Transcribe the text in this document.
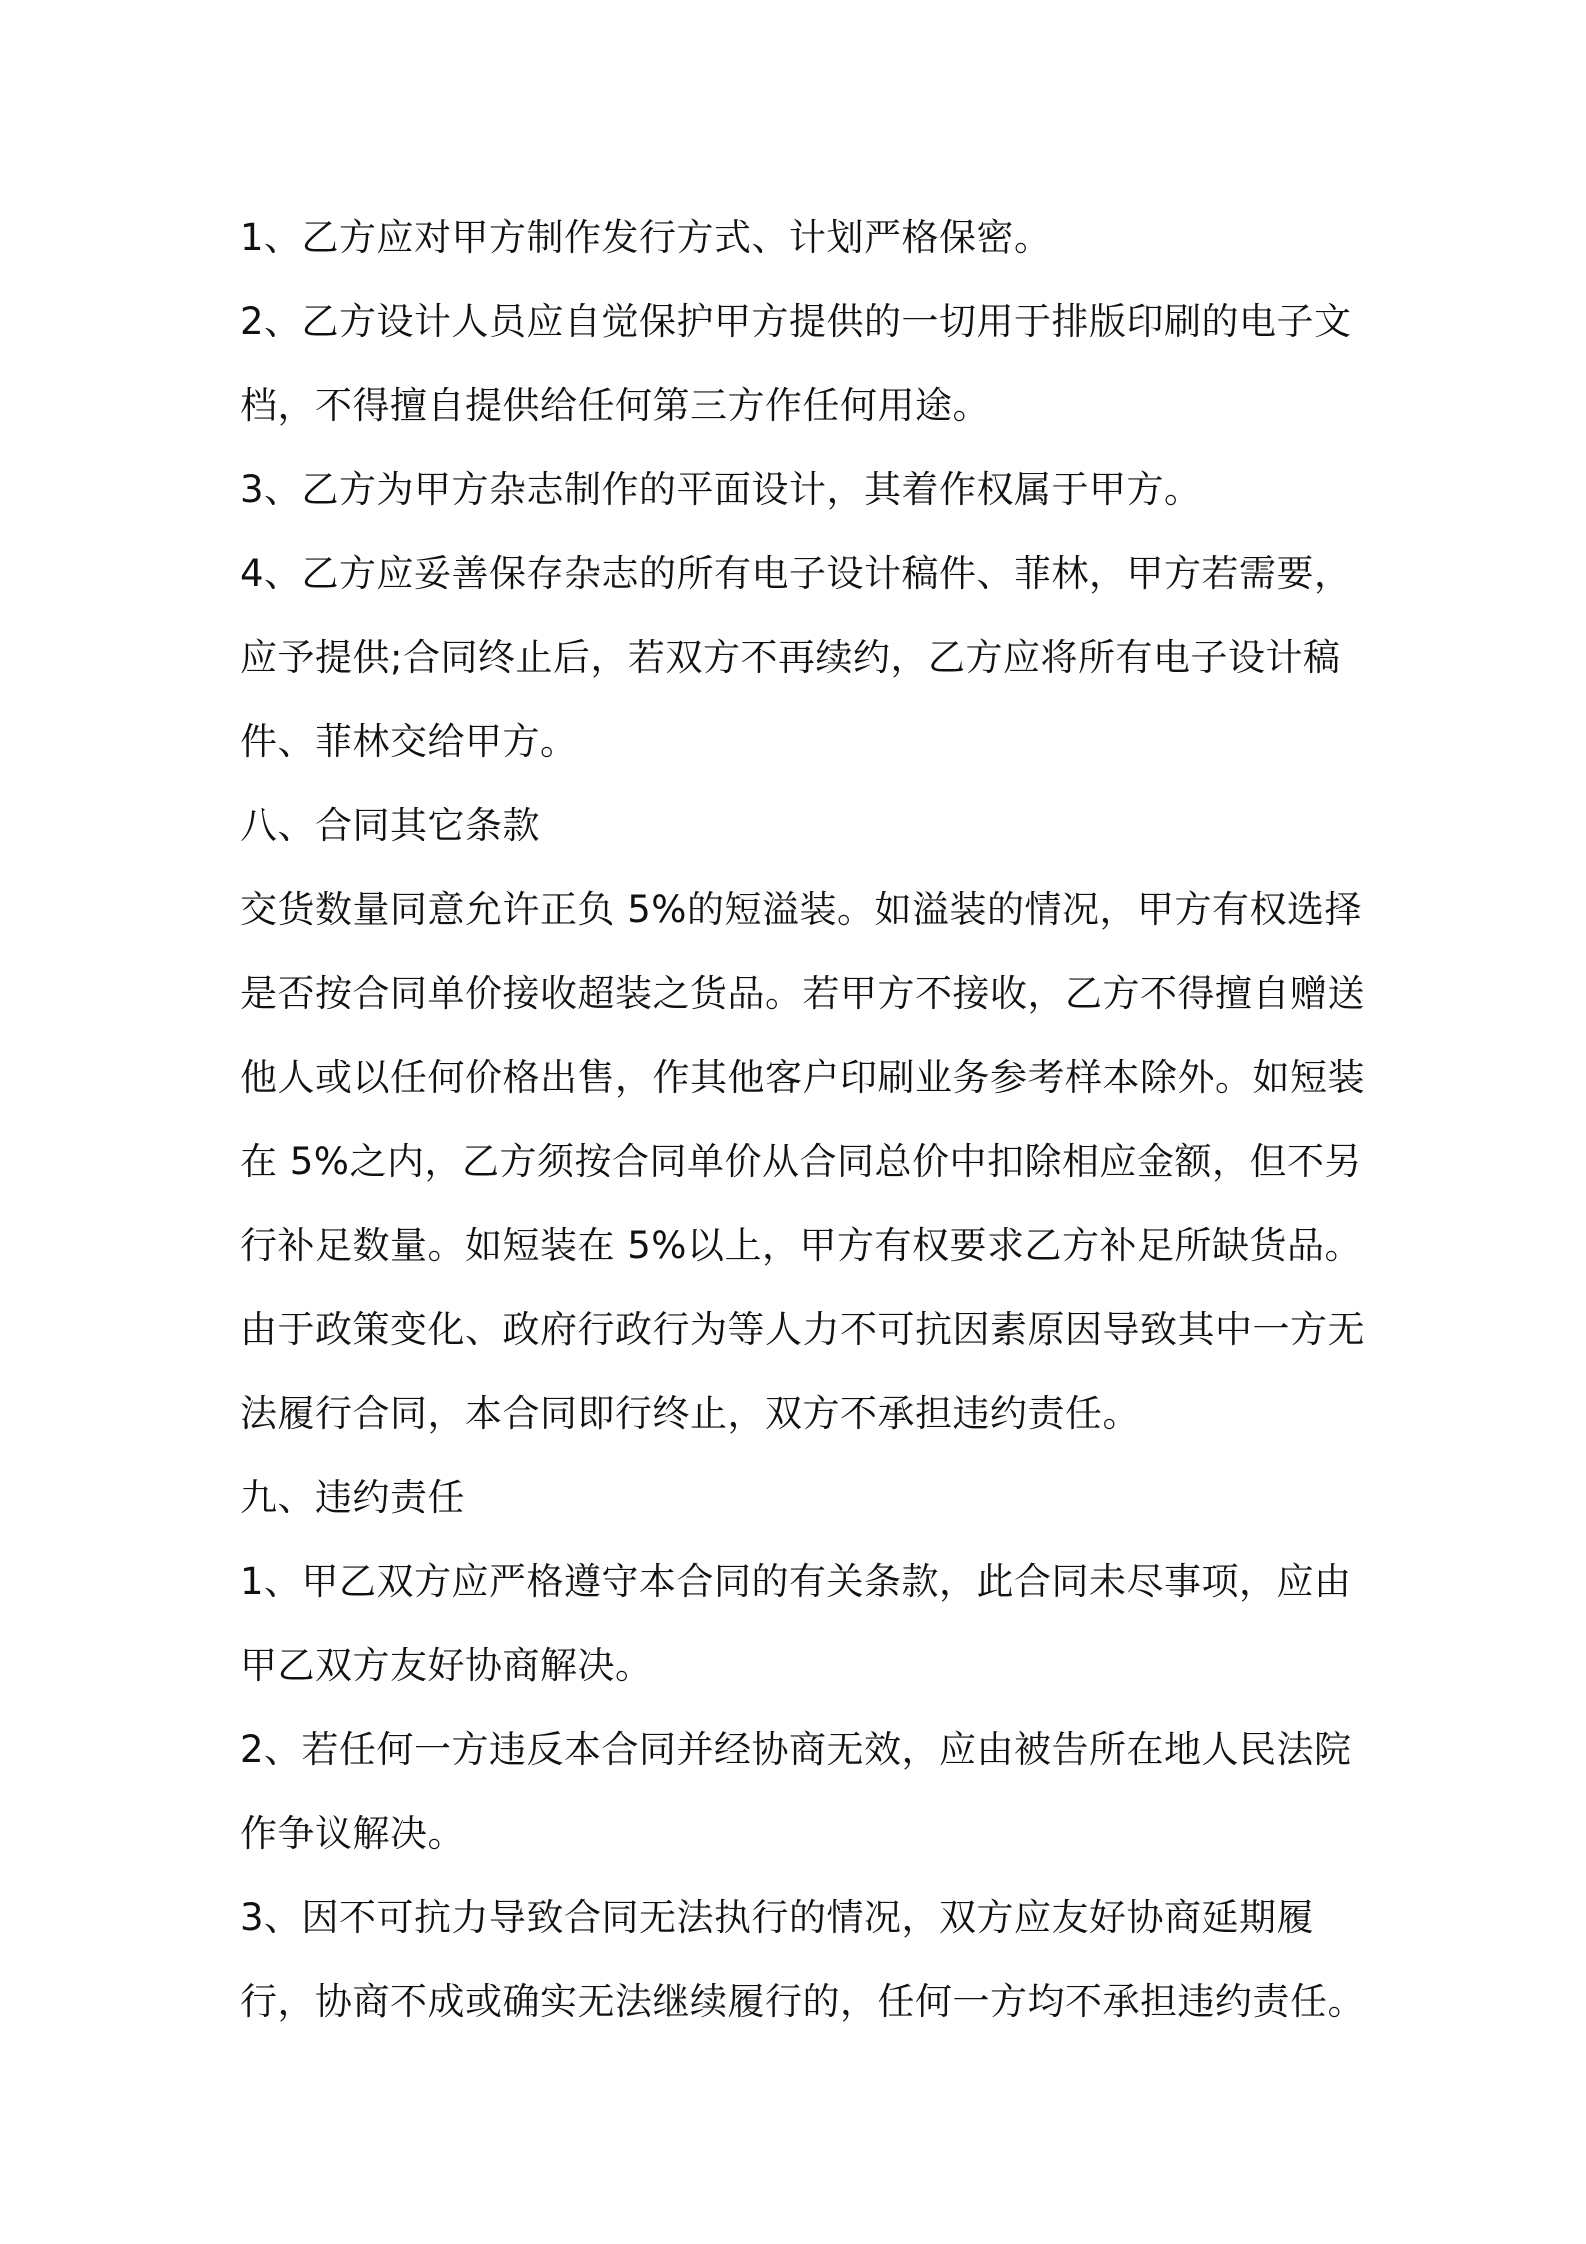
1、乙方应对甲方制作发行方式、计划严格保密。

2、乙方设计人员应自觉保护甲方提供的一切用于排版印刷的电子文档，不得擅自提供给任何第三方作任何用途。

3、乙方为甲方杂志制作的平面设计，其着作权属于甲方。

4、乙方应妥善保存杂志的所有电子设计稿件、菲林，甲方若需要，应予提供;合同终止后，若双方不再续约，乙方应将所有电子设计稿件、菲林交给甲方。

八、合同其它条款

交货数量同意允许正负 5%的短溢装。如溢装的情况，甲方有权选择是否按合同单价接收超装之货品。若甲方不接收，乙方不得擅自赠送他人或以任何价格出售，作其他客户印刷业务参考样本除外。如短装在 5%之内，乙方须按合同单价从合同总价中扣除相应金额，但不另行补足数量。如短装在 5%以上，甲方有权要求乙方补足所缺货品。

由于政策变化、政府行政行为等人力不可抗因素原因导致其中一方无法履行合同，本合同即行终止，双方不承担违约责任。

九、违约责任

1、甲乙双方应严格遵守本合同的有关条款，此合同未尽事项，应由甲乙双方友好协商解决。

2、若任何一方违反本合同并经协商无效，应由被告所在地人民法院作争议解决。

3、因不可抗力导致合同无法执行的情况，双方应友好协商延期履行，协商不成或确实无法继续履行的，任何一方均不承担违约责任。
